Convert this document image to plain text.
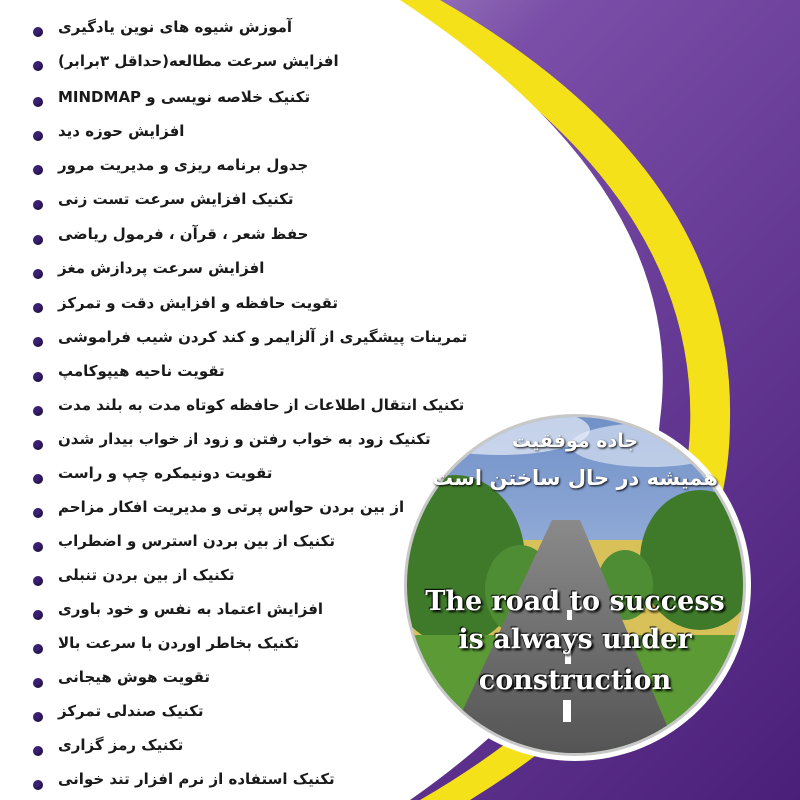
آموزش شیوه های نوین یادگیری
افزایش سرعت مطالعه(حداقل ۳برابر)
تکنیک خلاصه نویسی و MINDMAP
افزایش حوزه دید
جدول برنامه ریزی و مدیریت مرور
تکنیک افزایش سرعت تست زنی
حفظ شعر ، قرآن ، فرمول ریاضی
افزایش سرعت پردازش مغز
تقویت حافظه و افزایش دقت و تمرکز
تمرینات پیشگیری از آلزایمر و کند کردن شیب فراموشی
تقویت ناحیه هیپوکامپ
تکنیک انتقال اطلاعات از حافظه کوتاه مدت به بلند مدت
تکنیک زود به خواب رفتن و زود از خواب بیدار شدن
تقویت دونیمکره چپ و راست
از بین بردن حواس پرتی و مدیریت افکار مزاحم
تکنیک از بین بردن استرس و اضطراب
تکنیک از بین بردن تنبلی
افزایش اعتماد به نفس و خود باوری
تکنیک بخاطر اوردن با سرعت بالا
تقویت هوش هیجانی
تکنیک صندلی تمرکز
تکنیک رمز گزاری
تکنیک استفاده از نرم افزار تند خوانی
جاده موفقیت
همیشه در حال ساختن است
The road to success
is always under
construction
